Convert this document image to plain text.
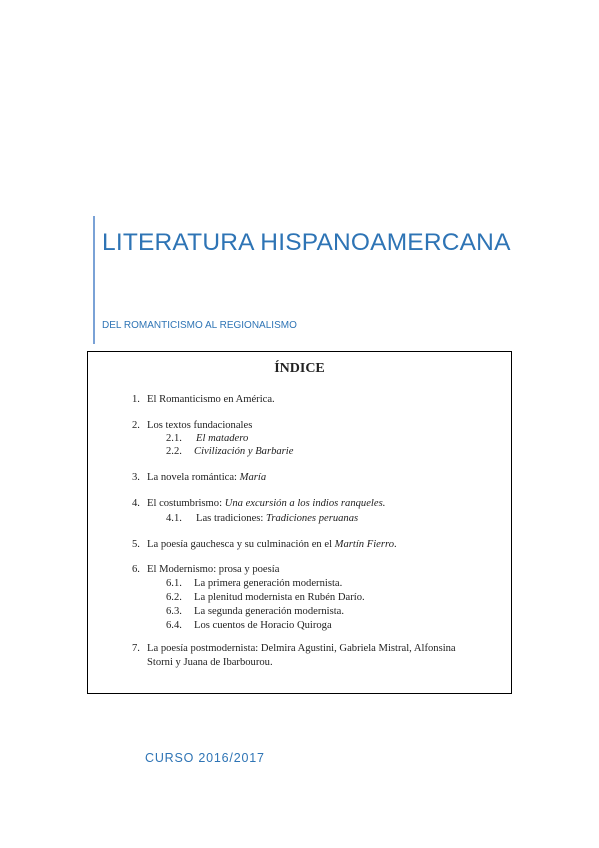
LITERATURA HISPANOAMERCANA
DEL ROMANTICISMO AL REGIONALISMO
ÍNDICE
1. El Romanticismo en América.
2. Los textos fundacionales
2.1. El matadero
2.2. Civilización y Barbarie
3. La novela romántica: María
4. El costumbrismo: Una excursión a los indios ranqueles.
4.1. Las tradiciones: Tradiciones peruanas
5. La poesía gauchesca y su culminación en el Martín Fierro.
6. El Modernismo: prosa y poesía
6.1. La primera generación modernista.
6.2. La plenitud modernista en Rubén Darío.
6.3. La segunda generación modernista.
6.4. Los cuentos de Horacio Quiroga
7. La poesía postmodernista: Delmira Agustini, Gabriela Mistral, Alfonsina
Storni y Juana de Ibarbourou.
CURSO 2016/2017
